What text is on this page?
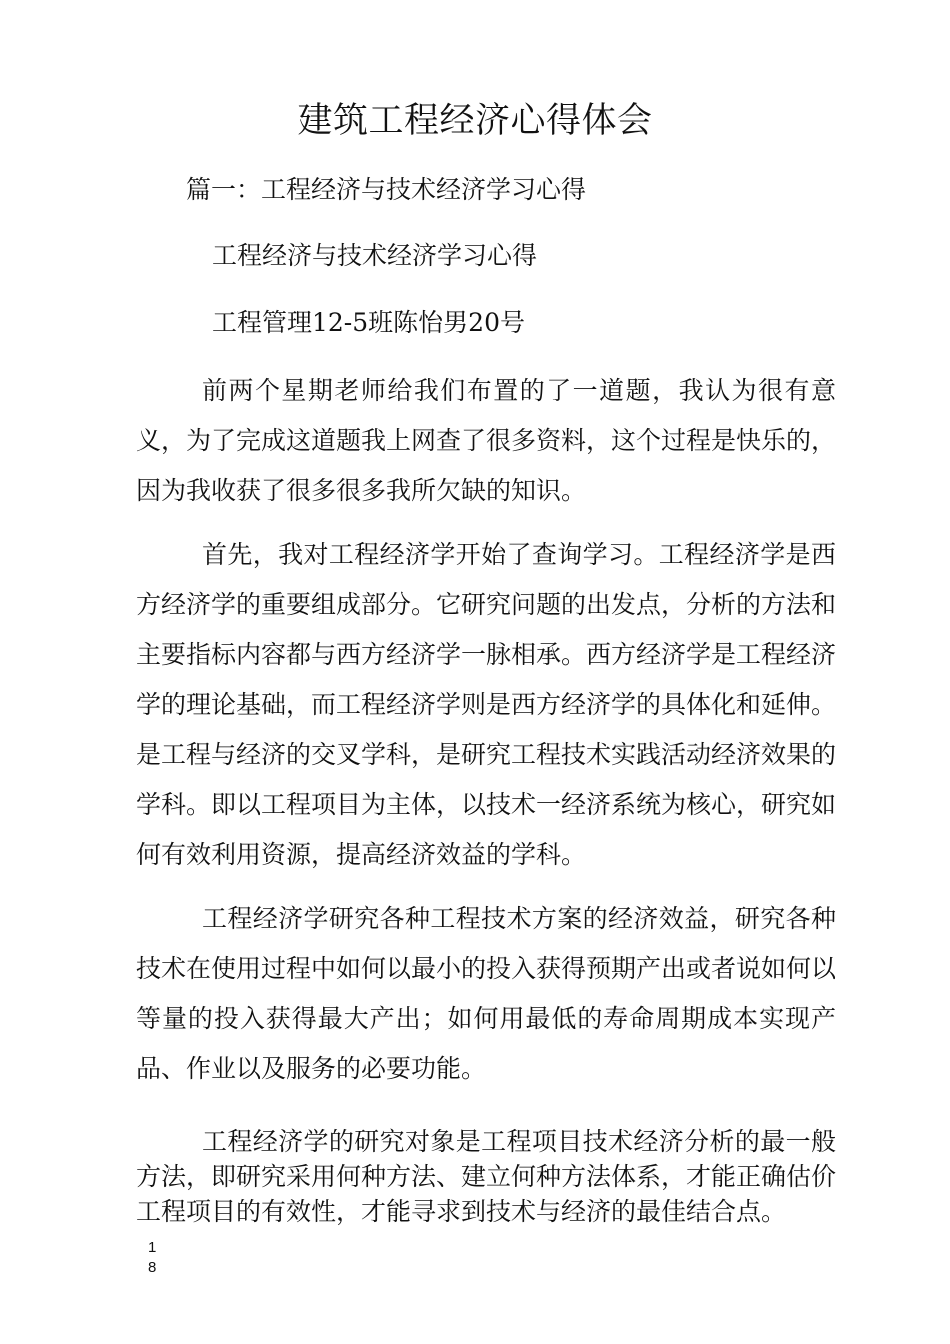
建筑工程经济心得体会

篇一：工程经济与技术经济学习心得

工程经济与技术经济学习心得

工程管理12-5班陈怡男20号

前两个星期老师给我们布置的了一道题，我认为很有意义，为了完成这道题我上网查了很多资料，这个过程是快乐的，因为我收获了很多很多我所欠缺的知识。

首先，我对工程经济学开始了查询学习。工程经济学是西方经济学的重要组成部分。它研究问题的出发点，分析的方法和主要指标内容都与西方经济学一脉相承。西方经济学是工程经济学的理论基础，而工程经济学则是西方经济学的具体化和延伸。是工程与经济的交叉学科，是研究工程技术实践活动经济效果的学科。即以工程项目为主体，以技术一经济系统为核心，研究如何有效利用资源，提高经济效益的学科。

工程经济学研究各种工程技术方案的经济效益，研究各种技术在使用过程中如何以最小的投入获得预期产出或者说如何以等量的投入获得最大产出；如何用最低的寿命周期成本实现产品、作业以及服务的必要功能。

工程经济学的研究对象是工程项目技术经济分析的最一般方法，即研究采用何种方法、建立何种方法体系，才能正确估价工程项目的有效性，才能寻求到技术与经济的最佳结合点。

18
